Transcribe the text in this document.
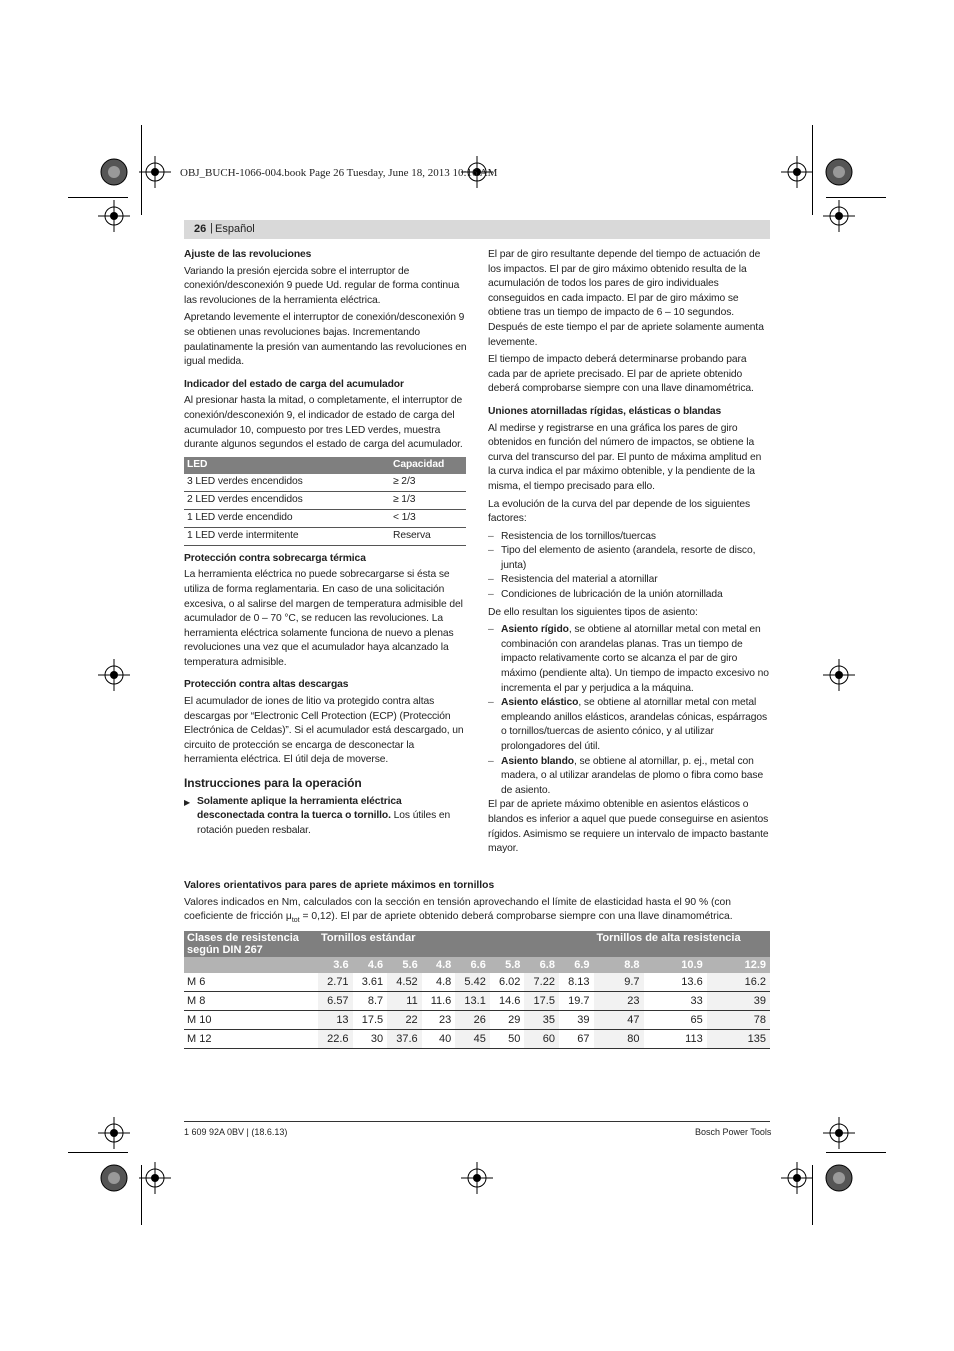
OBJ_BUCH-1066-004.book Page 26 Tuesday, June 18, 2013 10:16 AM
26 | Español
Ajuste de las revoluciones

Variando la presión ejercida sobre el interruptor de conexión/desconexión 9 puede Ud. regular de forma continua las revoluciones de la herramienta eléctrica.

Apretando levemente el interruptor de conexión/desconexión 9 se obtienen unas revoluciones bajas. Incrementando paulatinamente la presión van aumentando las revoluciones en igual medida.

Indicador del estado de carga del acumulador

Al presionar hasta la mitad, o completamente, el interruptor de conexión/desconexión 9, el indicador de estado de carga del acumulador 10, compuesto por tres LED verdes, muestra durante algunos segundos el estado de carga del acumulador.

LED	Capacidad
3 LED verdes encendidos	≥ 2/3
2 LED verdes encendidos	≥ 1/3
1 LED verde encendido	< 1/3
1 LED verde intermitente	Reserva
Protección contra sobrecarga térmica

La herramienta eléctrica no puede sobrecargarse si ésta se utiliza de forma reglamentaria. En caso de una solicitación excesiva, o al salirse del margen de temperatura admisible del acumulador de 0 – 70 °C, se reducen las revoluciones. La herramienta eléctrica solamente funciona de nuevo a plenas revoluciones una vez que el acumulador haya alcanzado la temperatura admisible.

Protección contra altas descargas

El acumulador de iones de litio va protegido contra altas descargas por “Electronic Cell Protection (ECP) (Protección Electrónica de Celdas)”. Si el acumulador está descargado, un circuito de protección se encarga de desconectar la herramienta eléctrica. El útil deja de moverse.

Instrucciones para la operación
▶ Solamente aplique la herramienta eléctrica desconectada contra la tuerca o tornillo. Los útiles en rotación pueden resbalar.

El par de giro resultante depende del tiempo de actuación de los impactos. El par de giro máximo obtenido resulta de la acumulación de todos los pares de giro individuales conseguidos en cada impacto. El par de giro máximo se obtiene tras un tiempo de impacto de 6 – 10 segundos. Después de este tiempo el par de apriete solamente aumenta levemente.

El tiempo de impacto deberá determinarse probando para cada par de apriete precisado. El par de apriete obtenido deberá comprobarse siempre con una llave dinamométrica.

Uniones atornilladas rígidas, elásticas o blandas

Al medirse y registrarse en una gráfica los pares de giro obtenidos en función del número de impactos, se obtiene la curva del transcurso del par. El punto de máxima amplitud en la curva indica el par máximo obtenible, y la pendiente de la misma, el tiempo precisado para ello.

La evolución de la curva del par depende de los siguientes factores:

– Resistencia de los tornillos/tuercas
– Tipo del elemento de asiento (arandela, resorte de disco, junta)
– Resistencia del material a atornillar
– Condiciones de lubricación de la unión atornillada

De ello resultan los siguientes tipos de asiento:

– Asiento rígido, se obtiene al atornillar metal con metal en combinación con arandelas planas. Tras un tiempo de impacto relativamente corto se alcanza el par de giro máximo (pendiente alta). Un tiempo de impacto excesivo no incrementa el par y perjudica a la máquina.
– Asiento elástico, se obtiene al atornillar metal con metal empleando anillos elásticos, arandelas cónicas, espárragos o tornillos/tuercas de asiento cónico, y al utilizar prolongadores del útil.
– Asiento blando, se obtiene al atornillar, p. ej., metal con madera, o al utilizar arandelas de plomo o fibra como base de asiento.

El par de apriete máximo obtenible en asientos elásticos o blandos es inferior a aquel que puede conseguirse en asientos rígidos. Asimismo se requiere un intervalo de impacto bastante mayor.

Valores orientativos para pares de apriete máximos en tornillos
Valores indicados en Nm, calculados con la sección en tensión aprovechando el límite de elasticidad hasta el 90 % (con coeficiente de fricción $\mu_{tot} = 0,12$). El par de apriete obtenido deberá comprobarse siempre con una llave dinamométrica.
Clases de resistencia según DIN 267	Tornillos estándar								Tornillos de alta resistencia		
	3.6	4.6	5.6	4.8	6.6	5.8	6.8	6.9	8.8	10.9	12.9
M 6	2.71	3.61	4.52	4.8	5.42	6.02	7.22	8.13	9.7	13.6	16.2
M 8	6.57	8.7	11	11.6	13.1	14.6	17.5	19.7	23	33	39
M 10	13	17.5	22	23	26	29	35	39	47	65	78
M 12	22.6	30	37.6	40	45	50	60	67	80	113	135
1 609 92A 0BV | (18.6.13)	Bosch Power Tools
